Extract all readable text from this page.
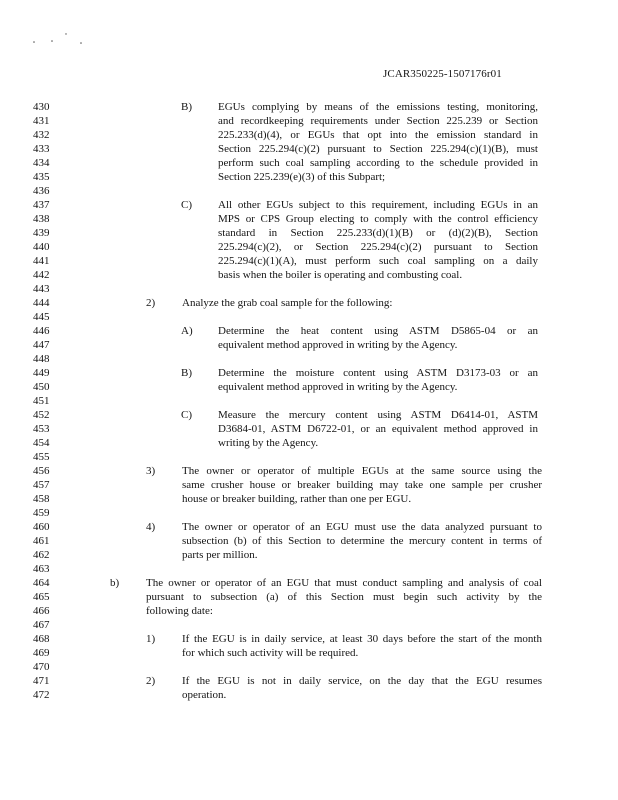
JCAR350225-1507176r01
430
431
432
433
434
435
436
437
438
439
440
441
442
443
444
445
446
447
448
449
450
451
452
453
454
455
456
457
458
459
460
461
462
463
464
465
466
467
468
469
470
471
472
B) EGUs complying by means of the emissions testing, monitoring,
and recordkeeping requirements under Section 225.239 or Section
225.233(d)(4), or EGUs that opt into the emission standard in
Section 225.294(c)(2) pursuant to Section 225.294(c)(1)(B), must
perform such coal sampling according to the schedule provided in
Section 225.239(e)(3) of this Subpart;
C) All other EGUs subject to this requirement, including EGUs in an
MPS or CPS Group electing to comply with the control efficiency
standard in Section 225.233(d)(1)(B) or (d)(2)(B), Section
225.294(c)(2), or Section 225.294(c)(2) pursuant to Section
225.294(c)(1)(A), must perform such coal sampling on a daily
basis when the boiler is operating and combusting coal.
2) Analyze the grab coal sample for the following:
A) Determine the heat content using ASTM D5865-04 or an
equivalent method approved in writing by the Agency.
B) Determine the moisture content using ASTM D3173-03 or an
equivalent method approved in writing by the Agency.
C) Measure the mercury content using ASTM D6414-01, ASTM
D3684-01, ASTM D6722-01, or an equivalent method approved in
writing by the Agency.
3) The owner or operator of multiple EGUs at the same source using the
same crusher house or breaker building may take one sample per crusher
house or breaker building, rather than one per EGU.
4) The owner or operator of an EGU must use the data analyzed pursuant to
subsection (b) of this Section to determine the mercury content in terms of
parts per million.
b) The owner or operator of an EGU that must conduct sampling and analysis of coal
pursuant to subsection (a) of this Section must begin such activity by the
following date:
1) If the EGU is in daily service, at least 30 days before the start of the month
for which such activity will be required.
2) If the EGU is not in daily service, on the day that the EGU resumes
operation.
